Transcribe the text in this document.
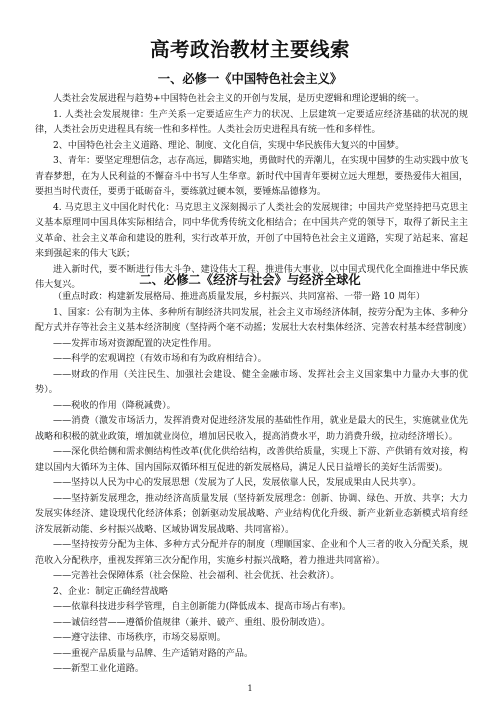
高考政治教材主要线索
一、必修一《中国特色社会主义》

人类社会发展进程与趋势+中国特色社会主义的开创与发展，是历史逻辑和理论逻辑的统一。

1. 人类社会发展规律：生产关系一定要适应生产力的状况、上层建筑一定要适应经济基础的状况的规律，人类社会历史进程具有统一性和多样性。人类社会历史进程具有统一性和多样性。

2、中国特色社会主义道路、理论、制度、文化自信，实现中华民族伟大复兴的中国梦。

3、青年：要坚定理想信念，志存高远，脚踏实地，勇做时代的弄潮儿，在实现中国梦的生动实践中放飞青春梦想，在为人民利益的不懈奋斗中书写人生华章。新时代中国青年要树立远大理想，要热爱伟大祖国，要担当时代责任，要勇于砥砺奋斗，要练就过硬本领，要锤炼品德修为。

4. 马克思主义中国化时代化：马克思主义深刻揭示了人类社会的发展规律；中国共产党坚持把马克思主义基本原理同中国具体实际相结合，同中华优秀传统文化相结合；在中国共产党的领导下，取得了新民主主义革命、社会主义革命和建设的胜利，实行改革开放，开创了中国特色社会主义道路，实现了站起来、富起来到强起来的伟大飞跃；

进入新时代，要不断进行伟大斗争、建设伟大工程、推进伟大事业，以中国式现代化全面推进中华民族伟大复兴。	二、必修二《经济与社会》与经济全球化

（重点时政：构建新发展格局、推进高质量发展，乡村振兴、共同富裕、一带一路 10 周年）

1、国家：公有制为主体、多种所有制经济共同发展，社会主义市场经济体制，按劳分配为主体、多种分配方式并存等社会主义基本经济制度（坚持两个毫不动摇；发展壮大农村集体经济、完善农村基本经营制度）

——发挥市场对资源配置的决定性作用。

——科学的宏观调控（有效市场和有为政府相结合）。

——财政的作用（关注民生、加强社会建设、健全金融市场、发挥社会主义国家集中力量办大事的优势）。

——税收的作用（降税减费）。

——消费（激发市场活力，发挥消费对促进经济发展的基础性作用，就业是最大的民生，实施就业优先战略和积极的就业政策，增加就业岗位，增加居民收入，提高消费水平，助力消费升级，拉动经济增长）。

——深化供给侧和需求侧结构性改革(优化供给结构，改善供给质量，实现上下游、产供销有效对接，构建以国内大循环为主体、国内国际双循环相互促进的新发展格局，满足人民日益增长的美好生活需要)。

——坚持以人民为中心的发展思想（发展为了人民，发展依靠人民，发展成果由人民共享）。

——坚持新发展理念，推动经济高质量发展（坚持新发展理念：创新、协调、绿色、开放、共享；大力发展实体经济、建设现代化经济体系；创新驱动发展战略、产业结构优化升级、新产业新业态新模式培育经济发展新动能、乡村振兴战略、区域协调发展战略、共同富裕）。

——坚持按劳分配为主体、多种方式分配并存的制度（理顺国家、企业和个人三者的收入分配关系，规范收入分配秩序，重视发挥第三次分配作用，实施乡村振兴战略，着力推进共同富裕）。

——完善社会保障体系（社会保险、社会福利、社会优抚、社会救济）。

2、企业：制定正确经营战略

——依靠科技进步科学管理，自主创新能力(降低成本、提高市场占有率)。

——诚信经营——遵循价值规律（兼并、破产、重组、股份制改造）。

——遵守法律、市场秩序，市场交易原则。

——重视产品质量与品牌、生产适销对路的产品。

——新型工业化道路。

1
